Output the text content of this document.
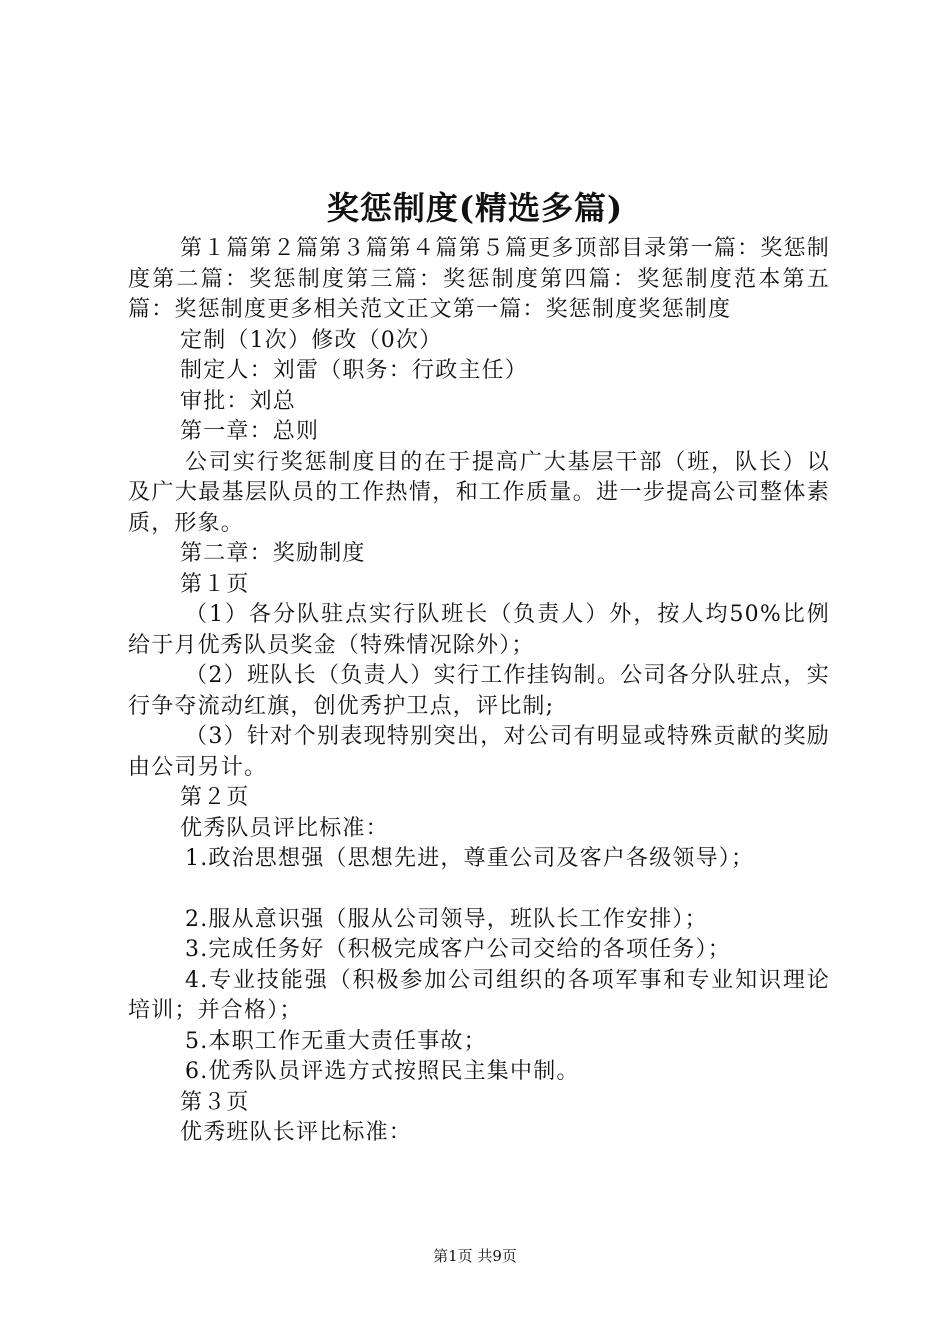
奖惩制度(精选多篇)

第１篇第２篇第３篇第４篇第５篇更多顶部目录第一篇：奖惩制度第二篇：奖惩制度第三篇：奖惩制度第四篇：奖惩制度范本第五篇：奖惩制度更多相关范文正文第一篇：奖惩制度奖惩制度

定制（1次）修改（0次）

制定人：刘雷（职务：行政主任）

审批：刘总

第一章：总则

公司实行奖惩制度目的在于提高广大基层干部（班，队长）以及广大最基层队员的工作热情，和工作质量。进一步提高公司整体素质，形象。

第二章：奖励制度

第１页

（1）各分队驻点实行队班长（负责人）外，按人均50%比例给于月优秀队员奖金（特殊情况除外）；

（2）班队长（负责人）实行工作挂钩制。公司各分队驻点，实行争夺流动红旗，创优秀护卫点，评比制;

（3）针对个别表现特别突出，对公司有明显或特殊贡献的奖励由公司另计。

第２页

优秀队员评比标准：

1.政治思想强（思想先进，尊重公司及客户各级领导）；

2.服从意识强（服从公司领导，班队长工作安排）；

3.完成任务好（积极完成客户公司交给的各项任务）；

4.专业技能强（积极参加公司组织的各项军事和专业知识理论培训；并合格）；

5.本职工作无重大责任事故；

6.优秀队员评选方式按照民主集中制。

第３页

优秀班队长评比标准：

第1页 共9页
